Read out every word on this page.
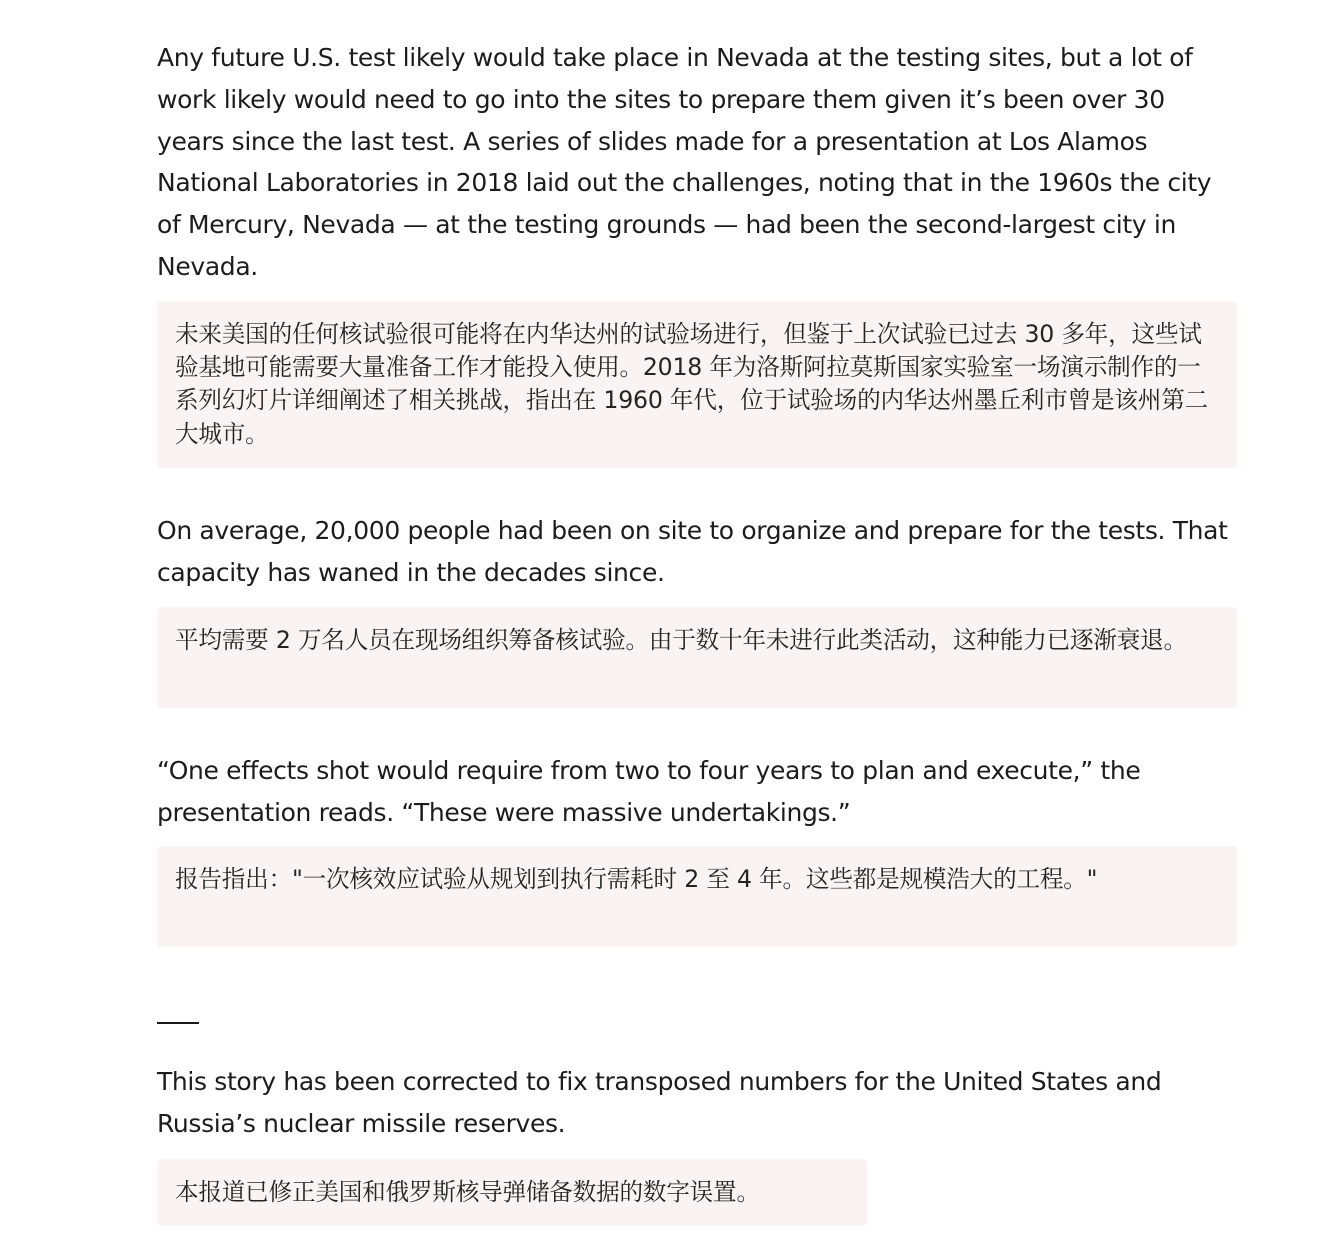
Any future U.S. test likely would take place in Nevada at the testing sites, but a lot of work likely would need to go into the sites to prepare them given it’s been over 30 years since the last test. A series of slides made for a presentation at Los Alamos National Laboratories in 2018 laid out the challenges, noting that in the 1960s the city of Mercury, Nevada — at the testing grounds — had been the second-largest city in Nevada.

未来美国的任何核试验很可能将在内华达州的试验场进行，但鉴于上次试验已过去 30 多年，这些试验基地可能需要大量准备工作才能投入使用。2018 年为洛斯阿拉莫斯国家实验室一场演示制作的一系列幻灯片详细阐述了相关挑战，指出在 1960 年代，位于试验场的内华达州墨丘利市曾是该州第二大城市。

On average, 20,000 people had been on site to organize and prepare for the tests. That capacity has waned in the decades since.

平均需要 2 万名人员在现场组织筹备核试验。由于数十年未进行此类活动，这种能力已逐渐衰退。

“One effects shot would require from two to four years to plan and execute,” the presentation reads. “These were massive undertakings.”

报告指出："一次核效应试验从规划到执行需耗时 2 至 4 年。这些都是规模浩大的工程。"

This story has been corrected to fix transposed numbers for the United States and Russia’s nuclear missile reserves.

本报道已修正美国和俄罗斯核导弹储备数据的数字误置。
